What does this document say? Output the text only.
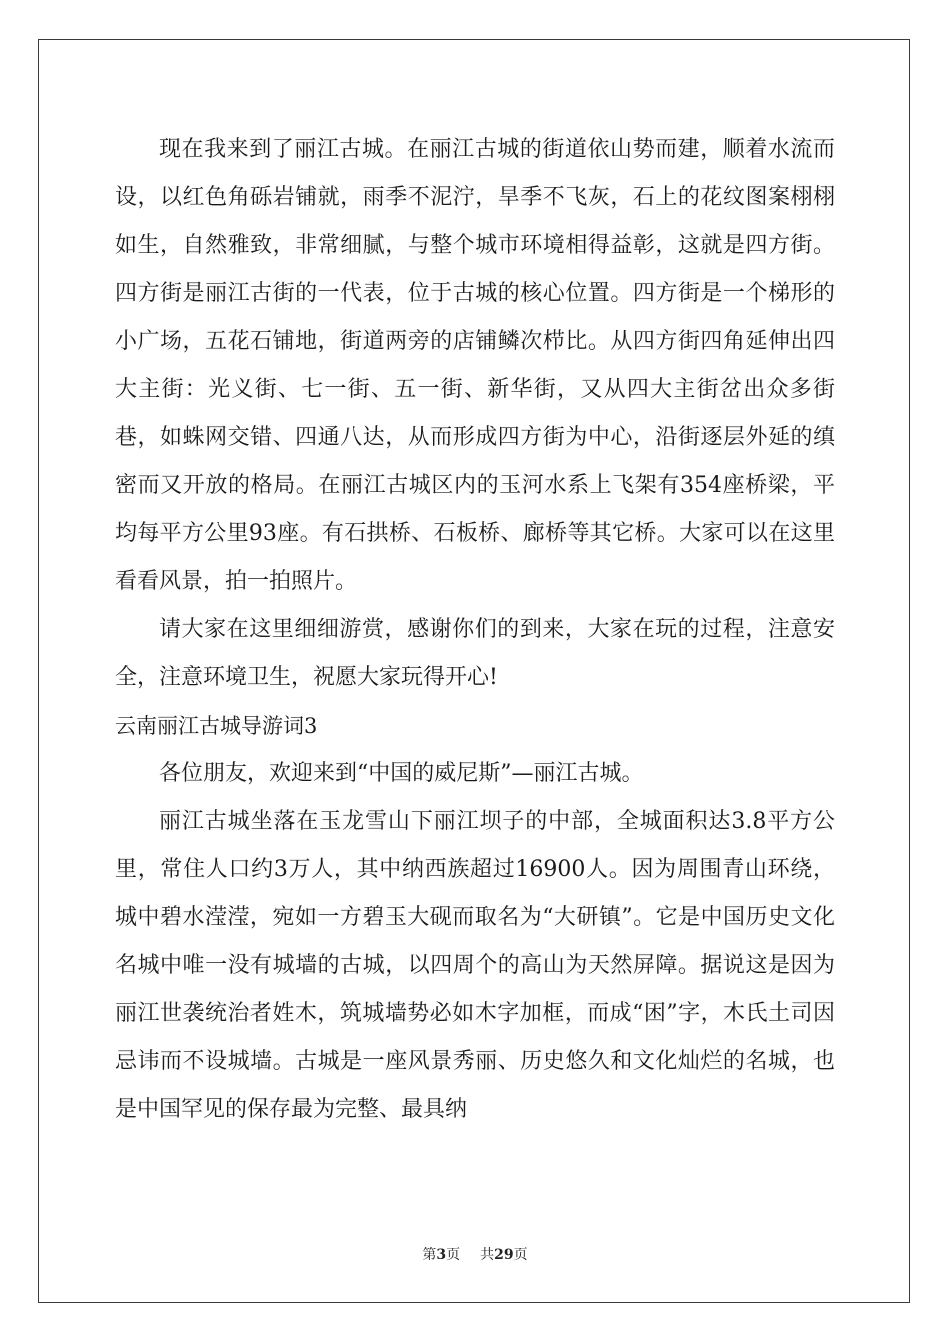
现在我来到了丽江古城。在丽江古城的街道依山势而建，顺着水流而设，以红色角砾岩铺就，雨季不泥泞，旱季不飞灰，石上的花纹图案栩栩如生，自然雅致，非常细腻，与整个城市环境相得益彰，这就是四方街。四方街是丽江古街的一代表，位于古城的核心位置。四方街是一个梯形的小广场，五花石铺地，街道两旁的店铺鳞次栉比。从四方街四角延伸出四大主街：光义街、七一街、五一街、新华街，又从四大主街岔出众多街巷，如蛛网交错、四通八达，从而形成四方街为中心，沿街逐层外延的缜密而又开放的格局。在丽江古城区内的玉河水系上飞架有354座桥梁，平均每平方公里93座。有石拱桥、石板桥、廊桥等其它桥。大家可以在这里看看风景，拍一拍照片。

请大家在这里细细游赏，感谢你们的到来，大家在玩的过程，注意安全，注意环境卫生，祝愿大家玩得开心!

云南丽江古城导游词3

各位朋友，欢迎来到“中国的威尼斯”—丽江古城。

丽江古城坐落在玉龙雪山下丽江坝子的中部，全城面积达3.8平方公里，常住人口约3万人，其中纳西族超过16900人。因为周围青山环绕，城中碧水滢滢，宛如一方碧玉大砚而取名为“大研镇”。它是中国历史文化名城中唯一没有城墙的古城，以四周个的高山为天然屏障。据说这是因为丽江世袭统治者姓木，筑城墙势必如木字加框，而成“困”字，木氏土司因忌讳而不设城墙。古城是一座风景秀丽、历史悠久和文化灿烂的名城，也是中国罕见的保存最为完整、最具纳

第3页 共29页
